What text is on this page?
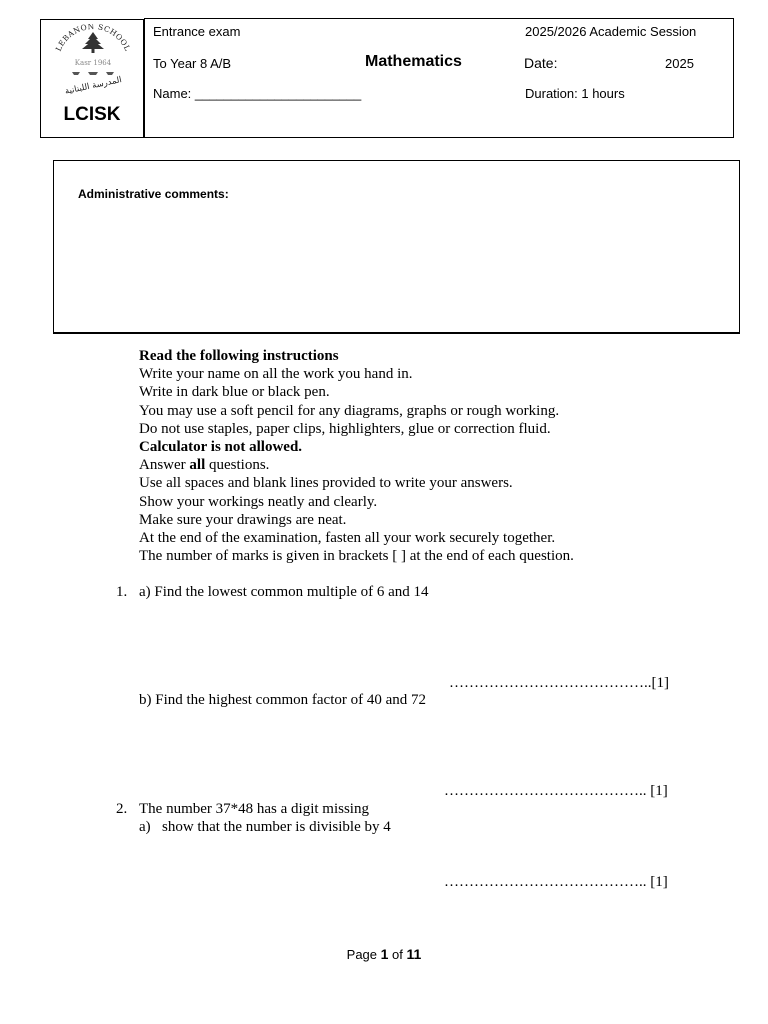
LEBANON SCHOOL
Kasr 1964
المدرسة اللبنانية
LCISK
Entrance exam
To Year 8 A/B
Name: _______________________
Mathematics
2025/2026 Academic Session
Date:	2025
Duration: 1 hours
Administrative comments:
Read the following instructions
Write your name on all the work you hand in.
Write in dark blue or black pen.
You may use a soft pencil for any diagrams, graphs or rough working.
Do not use staples, paper clips, highlighters, glue or correction fluid.
Calculator is not allowed.
Answer all questions.
Use all spaces and blank lines provided to write your answers.
Show your workings neatly and clearly.
Make sure your drawings are neat.
At the end of the examination, fasten all your work securely together.
The number of marks is given in brackets [ ] at the end of each question.
1. a) Find the lowest common multiple of 6 and 14
…………………………………..[1]
b) Find the highest common factor of 40 and 72
………………………………….. [1]
2. The number 37*48 has a digit missing
a) show that the number is divisible by 4
………………………………….. [1]
Page 1 of 11
